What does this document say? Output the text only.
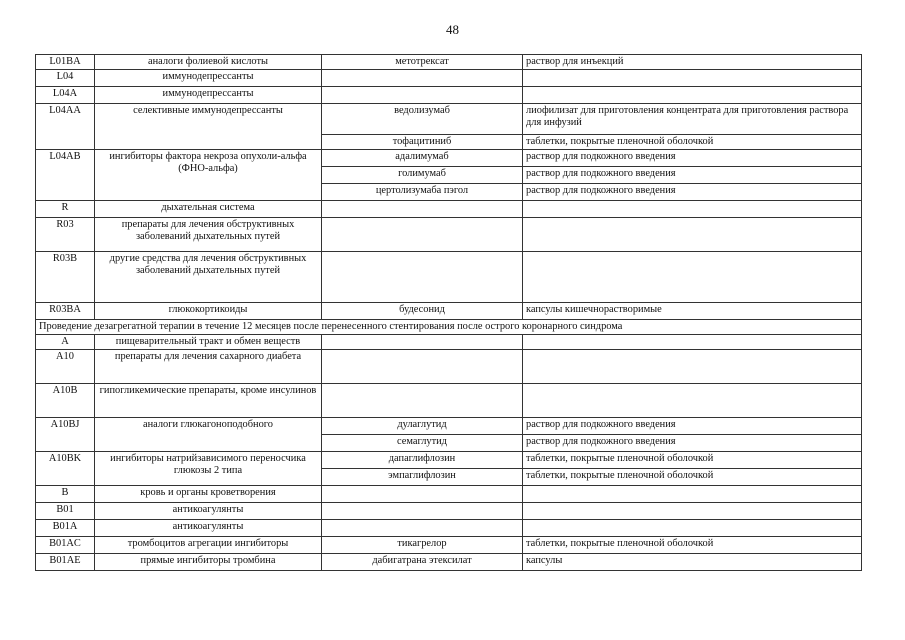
48
L01BA	аналоги фолиевой кислоты	метотрексат	раствор для инъекций
L04	иммунодепрессанты		
L04A	иммунодепрессанты		
L04AA	селективные иммунодепрессанты	ведолизумаб	лиофилизат для приготовления концентрата для приготовления раствора для инфузий
		тофацитиниб	таблетки, покрытые пленочной оболочкой
L04AB	ингибиторы фактора некроза опухоли-альфа (ФНО-альфа)	адалимумаб	раствор для подкожного введения
		голимумаб	раствор для подкожного введения
		цертолизумаба пэгол	раствор для подкожного введения
R	дыхательная система		
R03	препараты для лечения обструктивных заболеваний дыхательных путей		
R03B	другие средства для лечения обструктивных заболеваний дыхательных путей		
R03BA	глюкокортикоиды	будесонид	капсулы кишечнорастворимые
Проведение дезагрегатной терапии в течение 12 месяцев после перенесенного стентирования после острого коронарного синдрома			
A	пищеварительный тракт и обмен веществ		
A10	препараты для лечения сахарного диабета		
A10B	гипогликемические препараты, кроме инсулинов		
A10BJ	аналоги глюкагоноподобного	дулаглутид	раствор для подкожного введения
		семаглутид	раствор для подкожного введения
A10BK	ингибиторы натрийзависимого переносчика глюкозы 2 типа	дапаглифлозин	таблетки, покрытые пленочной оболочкой
		эмпаглифлозин	таблетки, покрытые пленочной оболочкой
B	кровь и органы кроветворения		
B01	антикоагулянты		
B01A	антикоагулянты		
B01AC	тромбоцитов агрегации ингибиторы	тикагрелор	таблетки, покрытые пленочной оболочкой
B01AE	прямые ингибиторы тромбина	дабигатрана этексилат	капсулы
